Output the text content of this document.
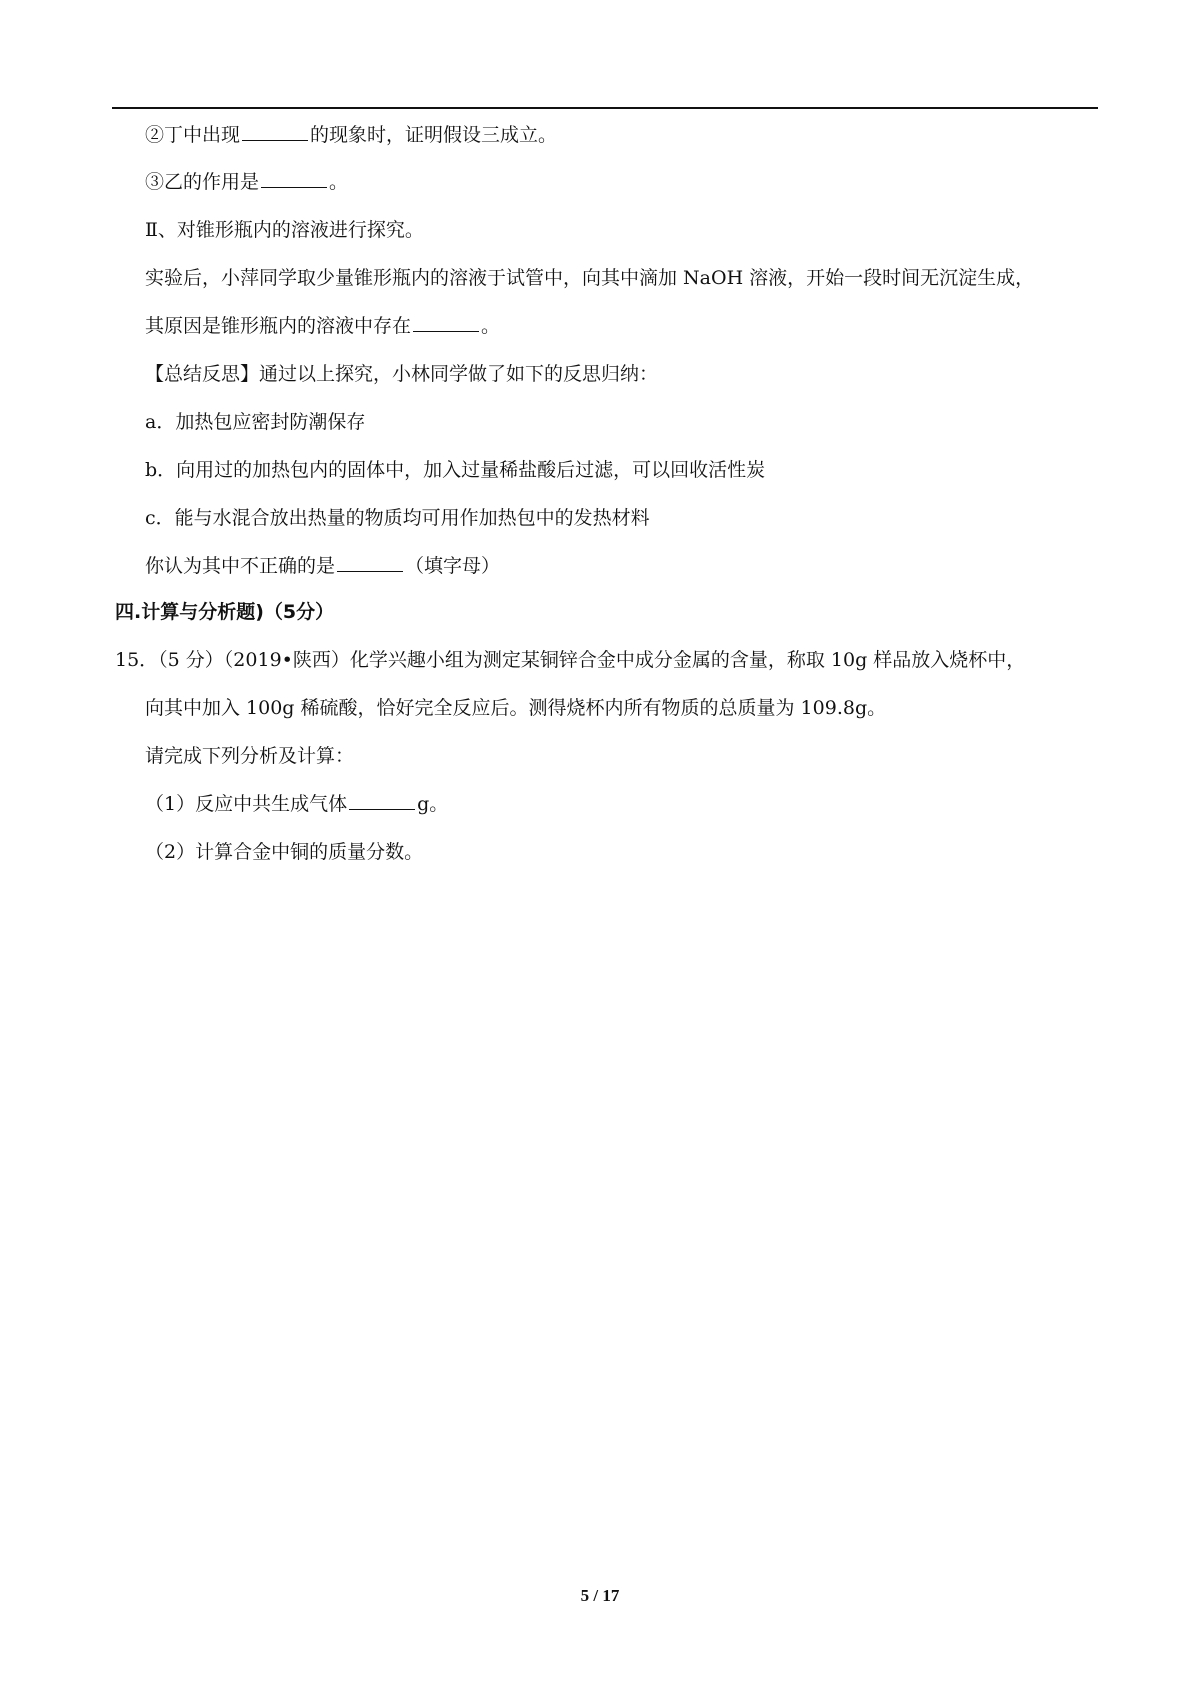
②丁中出现	的现象时，证明假设三成立。
③乙的作用是	。
Ⅱ、对锥形瓶内的溶液进行探究。
实验后，小萍同学取少量锥形瓶内的溶液于试管中，向其中滴加 NaOH 溶液，开始一段时间无沉淀生成，
其原因是锥形瓶内的溶液中存在	。
【总结反思】通过以上探究，小林同学做了如下的反思归纳：
a．加热包应密封防潮保存
b．向用过的加热包内的固体中，加入过量稀盐酸后过滤，可以回收活性炭
c．能与水混合放出热量的物质均可用作加热包中的发热材料
你认为其中不正确的是	（填字母）
四.计算与分析题)（5分）
15．（5 分）（2019•陕西）化学兴趣小组为测定某铜锌合金中成分金属的含量，称取 10g 样品放入烧杯中，
向其中加入 100g 稀硫酸，恰好完全反应后。测得烧杯内所有物质的总质量为 109.8g。
请完成下列分析及计算：
（1）反应中共生成气体	g。
（2）计算合金中铜的质量分数。
5 / 17
